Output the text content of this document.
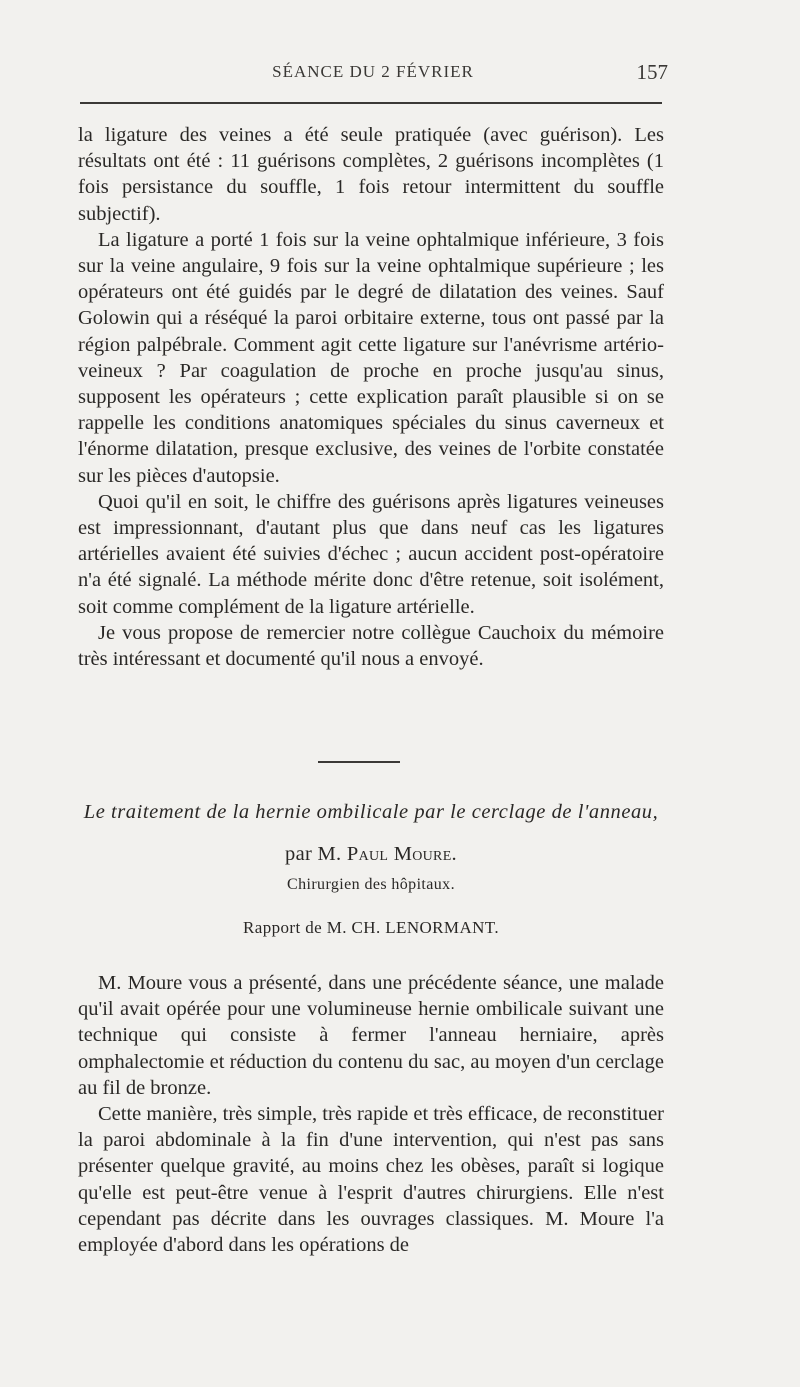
SÉANCE DU 2 FÉVRIER	157

la ligature des veines a été seule pratiquée (avec guérison). Les résultats ont été : 11 guérisons complètes, 2 guérisons incomplètes (1 fois persistance du souffle, 1 fois retour intermittent du souffle subjectif).

La ligature a porté 1 fois sur la veine ophtalmique inférieure, 3 fois sur la veine angulaire, 9 fois sur la veine ophtalmique supérieure ; les opérateurs ont été guidés par le degré de dilatation des veines. Sauf Golowin qui a réséqué la paroi orbitaire externe, tous ont passé par la région palpébrale. Comment agit cette ligature sur l'anévrisme artério-veineux ? Par coagulation de proche en proche jusqu'au sinus, supposent les opérateurs ; cette explication paraît plausible si on se rappelle les conditions anatomiques spéciales du sinus caverneux et l'énorme dilatation, presque exclusive, des veines de l'orbite constatée sur les pièces d'autopsie.

Quoi qu'il en soit, le chiffre des guérisons après ligatures veineuses est impressionnant, d'autant plus que dans neuf cas les ligatures artérielles avaient été suivies d'échec ; aucun accident post-opératoire n'a été signalé. La méthode mérite donc d'être retenue, soit isolément, soit comme complément de la ligature artérielle.

Je vous propose de remercier notre collègue Cauchoix du mémoire très intéressant et documenté qu'il nous a envoyé.

Le traitement de la hernie ombilicale par le cerclage de l'anneau,
par M. Paul Moure.
Chirurgien des hôpitaux.
Rapport de M. CH. LENORMANT.

M. Moure vous a présenté, dans une précédente séance, une malade qu'il avait opérée pour une volumineuse hernie ombilicale suivant une technique qui consiste à fermer l'anneau herniaire, après omphalectomie et réduction du contenu du sac, au moyen d'un cerclage au fil de bronze.

Cette manière, très simple, très rapide et très efficace, de reconstituer la paroi abdominale à la fin d'une intervention, qui n'est pas sans présenter quelque gravité, au moins chez les obèses, paraît si logique qu'elle est peut-être venue à l'esprit d'autres chirurgiens. Elle n'est cependant pas décrite dans les ouvrages classiques. M. Moure l'a employée d'abord dans les opérations de
